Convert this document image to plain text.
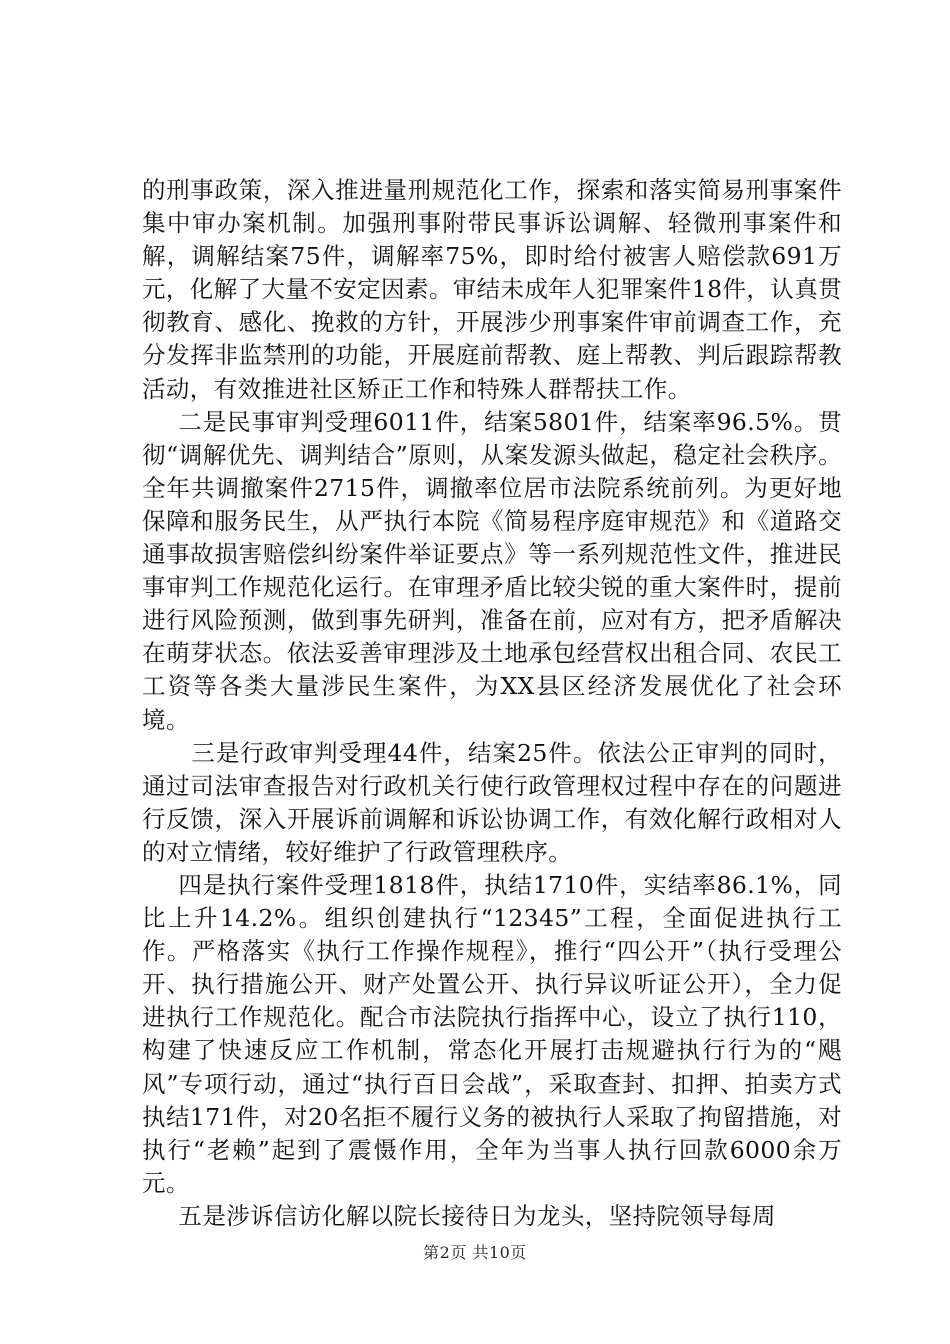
的刑事政策，深入推进量刑规范化工作，探索和落实简易刑事案件集中审办案机制。加强刑事附带民事诉讼调解、轻微刑事案件和解，调解结案75件，调解率75%，即时给付被害人赔偿款691万元，化解了大量不安定因素。审结未成年人犯罪案件18件，认真贯彻教育、感化、挽救的方针，开展涉少刑事案件审前调查工作，充分发挥非监禁刑的功能，开展庭前帮教、庭上帮教、判后跟踪帮教活动，有效推进社区矫正工作和特殊人群帮扶工作。

二是民事审判受理6011件，结案5801件，结案率96.5%。贯彻“调解优先、调判结合”原则，从案发源头做起，稳定社会秩序。全年共调撤案件2715件，调撤率位居市法院系统前列。为更好地保障和服务民生，从严执行本院《简易程序庭审规范》和《道路交通事故损害赔偿纠纷案件举证要点》等一系列规范性文件，推进民事审判工作规范化运行。在审理矛盾比较尖锐的重大案件时，提前进行风险预测，做到事先研判，准备在前，应对有方，把矛盾解决在萌芽状态。依法妥善审理涉及土地承包经营权出租合同、农民工工资等各类大量涉民生案件，为XX县区经济发展优化了社会环境。

三是行政审判受理44件，结案25件。依法公正审判的同时，通过司法审查报告对行政机关行使行政管理权过程中存在的问题进行反馈，深入开展诉前调解和诉讼协调工作，有效化解行政相对人的对立情绪，较好维护了行政管理秩序。

四是执行案件受理1818件，执结1710件，实结率86.1%，同比上升14.2%。组织创建执行“12345”工程，全面促进执行工作。严格落实《执行工作操作规程》，推行“四公开”（执行受理公开、执行措施公开、财产处置公开、执行异议听证公开），全力促进执行工作规范化。配合市法院执行指挥中心，设立了执行110，构建了快速反应工作机制，常态化开展打击规避执行行为的“飓风”专项行动，通过“执行百日会战”，采取查封、扣押、拍卖方式执结171件，对20名拒不履行义务的被执行人采取了拘留措施，对执行“老赖”起到了震慑作用，全年为当事人执行回款6000余万元。

五是涉诉信访化解以院长接待日为龙头，坚持院领导每周

第2页 共10页
